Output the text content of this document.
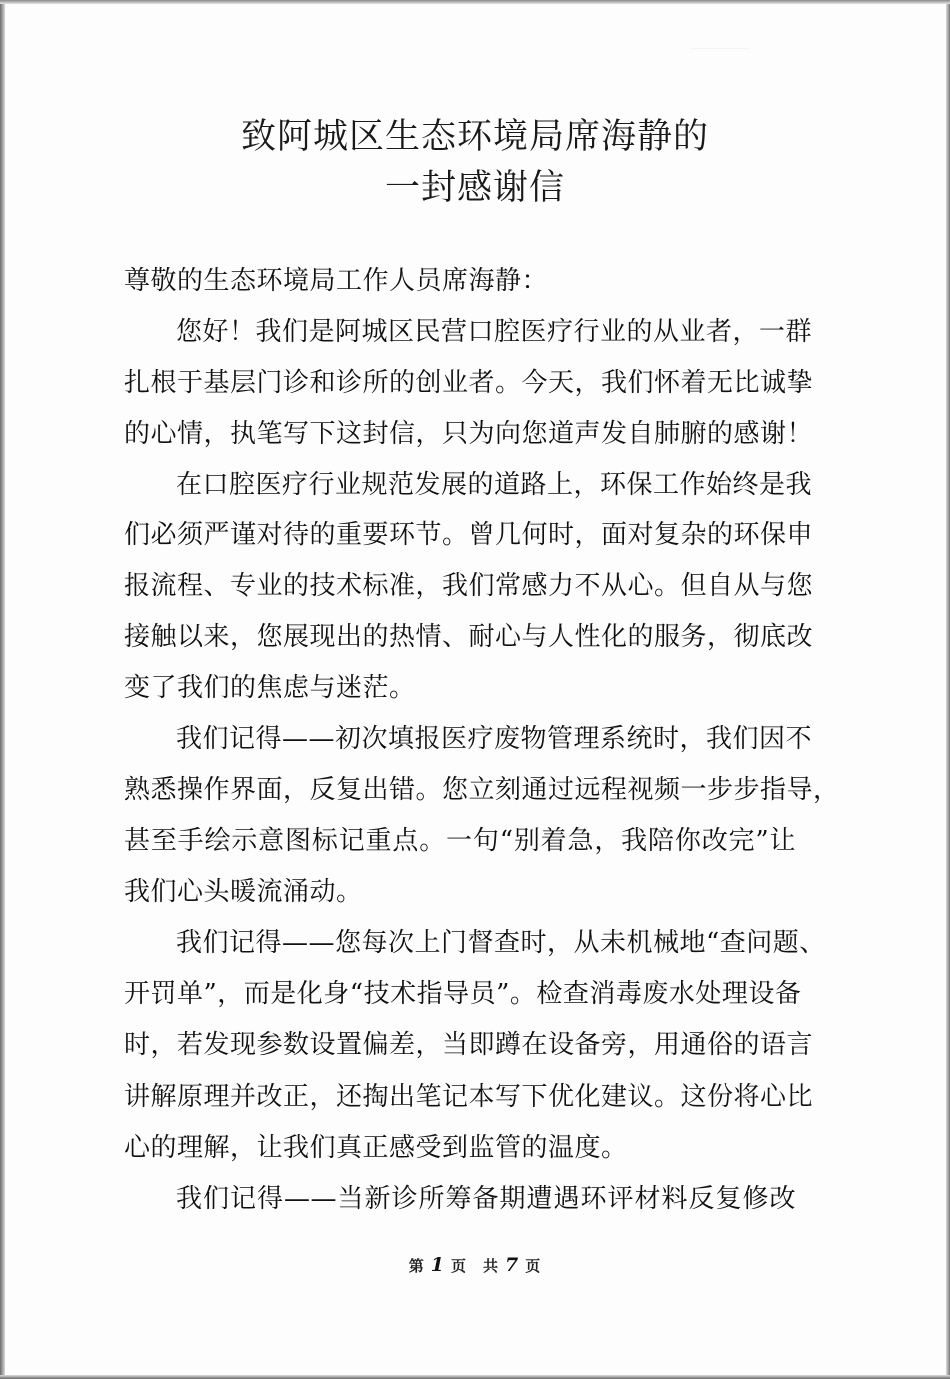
致阿城区生态环境局席海静的
一封感谢信
尊敬的生态环境局工作人员席海静：
您好！我们是阿城区民营口腔医疗行业的从业者，一群
扎根于基层门诊和诊所的创业者。今天，我们怀着无比诚挚
的心情，执笔写下这封信，只为向您道声发自肺腑的感谢！
在口腔医疗行业规范发展的道路上，环保工作始终是我
们必须严谨对待的重要环节。曾几何时，面对复杂的环保申
报流程、专业的技术标准，我们常感力不从心。但自从与您
接触以来，您展现出的热情、耐心与人性化的服务，彻底改
变了我们的焦虑与迷茫。
我们记得——初次填报医疗废物管理系统时，我们因不
熟悉操作界面，反复出错。您立刻通过远程视频一步步指导，
甚至手绘示意图标记重点。一句“别着急，我陪你改完”让
我们心头暖流涌动。
我们记得——您每次上门督查时，从未机械地“查问题、
开罚单”，而是化身“技术指导员”。检查消毒废水处理设备
时，若发现参数设置偏差，当即蹲在设备旁，用通俗的语言
讲解原理并改正，还掏出笔记本写下优化建议。这份将心比
心的理解，让我们真正感受到监管的温度。
我们记得——当新诊所筹备期遭遇环评材料反复修改
第 1 页　共 7 页
